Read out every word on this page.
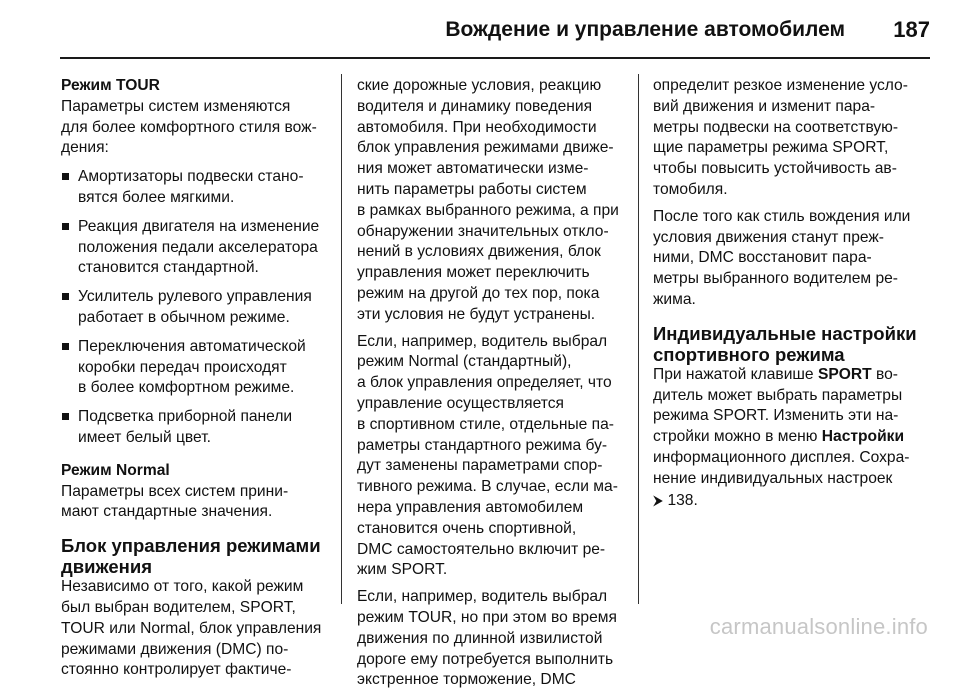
Вождение и управление автомобилем	187
Режим TOUR
Параметры систем изменяются
для более комфортного стиля вож-
дения:
Амортизаторы подвески стано-
вятся более мягкими.
Реакция двигателя на изменение
положения педали акселератора
становится стандартной.
Усилитель рулевого управления
работает в обычном режиме.
Переключения автоматической
коробки передач происходят
в более комфортном режиме.
Подсветка приборной панели
имеет белый цвет.
Режим Normal
Параметры всех систем прини-
мают стандартные значения.
Блок управления режимами
движения
Независимо от того, какой режим
был выбран водителем, SPORT,
TOUR или Normal, блок управления
режимами движения (DMC) по-
стоянно контролирует фактиче-
ские дорожные условия, реакцию
водителя и динамику поведения
автомобиля. При необходимости
блок управления режимами движе-
ния может автоматически изме-
нить параметры работы систем
в рамках выбранного режима, а при
обнаружении значительных откло-
нений в условиях движения, блок
управления может переключить
режим на другой до тех пор, пока
эти условия не будут устранены.
Если, например, водитель выбрал
режим Normal (стандартный),
а блок управления определяет, что
управление осуществляется
в спортивном стиле, отдельные па-
раметры стандартного режима бу-
дут заменены параметрами спор-
тивного режима. В случае, если ма-
нера управления автомобилем
становится очень спортивной,
DMC самостоятельно включит ре-
жим SPORT.
Если, например, водитель выбрал
режим TOUR, но при этом во время
движения по длинной извилистой
дороге ему потребуется выполнить
экстренное торможение, DMC
определит резкое изменение усло-
вий движения и изменит пара-
метры подвески на соответствую-
щие параметры режима SPORT,
чтобы повысить устойчивость ав-
томобиля.
После того как стиль вождения или
условия движения станут преж-
ними, DMC восстановит пара-
метры выбранного водителем ре-
жима.
Индивидуальные настройки
спортивного режима
При нажатой клавише SPORT во-
дитель может выбрать параметры
режима SPORT. Изменить эти на-
стройки можно в меню Настройки
информационного дисплея. Сохра-
нение индивидуальных настроек
⮞ 138.
carmanualsonline.info
